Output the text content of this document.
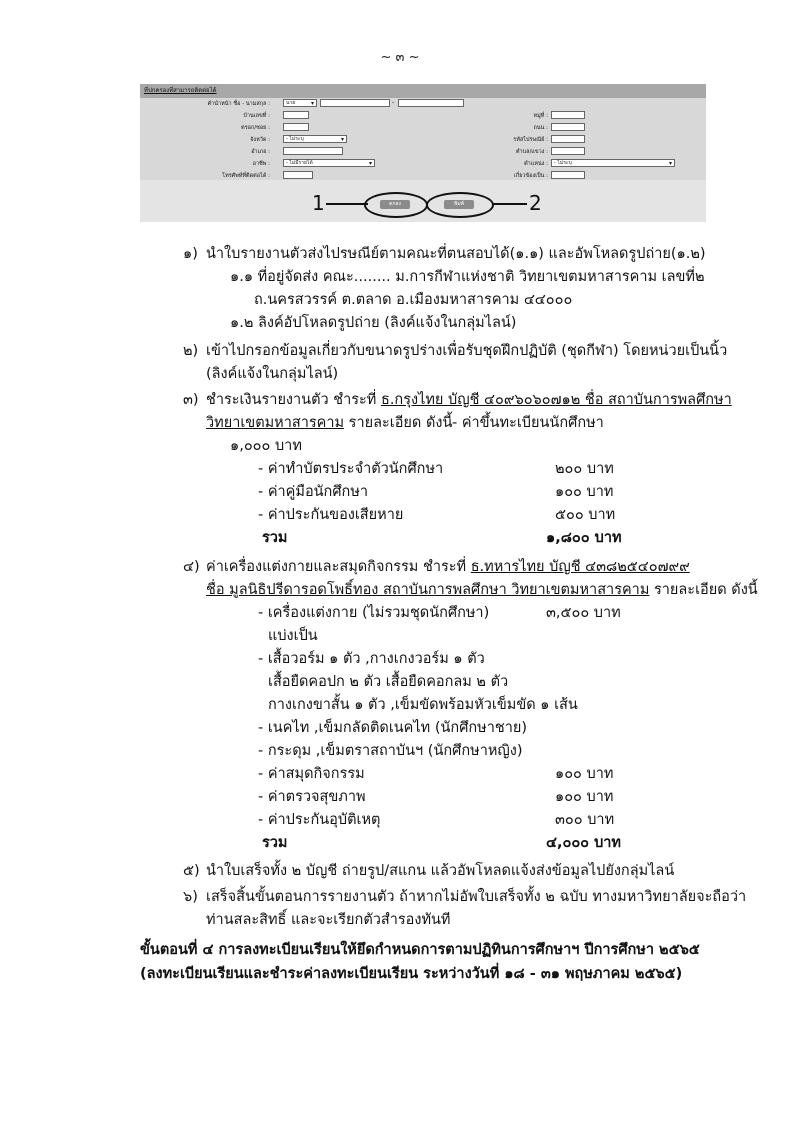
~ ๓ ~
ที่ปกครองที่สามารถติดต่อได้
คำนำหน้า ชื่อ - นามสกุล :	นาย ▾	-
บ้านเลขที่ :	หมู่ที่ :
ตรอก/ซอย :	ถนน :
จังหวัด :	- ไม่ระบุ ▾	รหัสไปรษณีย์ :
อำเภอ :	ตำบล/แขวง :
อาชีพ :	- ไม่มีรายได้ ▾	ตำแหน่ง :	- ไม่ระบุ ▾
โทรศัพท์ที่ติดต่อได้ :	เกี่ยวข้องเป็น :
1	ตกลง	พิมพ์	2
๑) นำใบรายงานตัวส่งไปรษณีย์ตามคณะที่ตนสอบได้(๑.๑) และอัพโหลดรูปถ่าย(๑.๒)
๑.๑ ที่อยู่จัดส่ง คณะ........ ม.การกีฬาแห่งชาติ วิทยาเขตมหาสารคาม เลขที่๒
ถ.นครสวรรค์ ต.ตลาด อ.เมืองมหาสารคาม ๔๔๐๐๐
๑.๒ ลิงค์อัปโหลดรูปถ่าย (ลิงค์แจ้งในกลุ่มไลน์)
๒) เข้าไปกรอกข้อมูลเกี่ยวกับขนาดรูปร่างเพื่อรับชุดฝึกปฏิบัติ (ชุดกีฬา) โดยหน่วยเป็นนิ้ว
(ลิงค์แจ้งในกลุ่มไลน์)
๓) ชำระเงินรายงานตัว ชำระที่ ธ.กรุงไทย บัญชี ๔๐๙๖๐๖๐๗๑๒ ชื่อ สถาบันการพลศึกษา
วิทยาเขตมหาสารคาม รายละเอียด ดังนี้ - ค่าขึ้นทะเบียนนักศึกษา
๑,๐๐๐ บาท
- ค่าทำบัตรประจำตัวนักศึกษา	๒๐๐ บาท
- ค่าคู่มือนักศึกษา	๑๐๐ บาท
- ค่าประกันของเสียหาย	๕๐๐ บาท
รวม	๑,๘๐๐ บาท
๔) ค่าเครื่องแต่งกายและสมุดกิจกรรม ชำระที่ ธ.ทหารไทย บัญชี ๔๓๘๒๕๔๐๗๙๙
ชื่อ มูลนิธิปรีดารอดโพธิ์ทอง สถาบันการพลศึกษา วิทยาเขตมหาสารคาม รายละเอียด ดังนี้
- เครื่องแต่งกาย (ไม่รวมชุดนักศึกษา)	๓,๕๐๐ บาท
แบ่งเป็น
- เสื้อวอร์ม ๑ ตัว ,กางเกงวอร์ม ๑ ตัว
เสื้อยืดคอปก ๒ ตัว เสื้อยืดคอกลม ๒ ตัว
กางเกงขาสั้น ๑ ตัว ,เข็มขัดพร้อมหัวเข็มขัด ๑ เส้น
- เนคไท ,เข็มกลัดติดเนคไท (นักศึกษาชาย)
- กระดุม ,เข็มตราสถาบันฯ (นักศึกษาหญิง)
- ค่าสมุดกิจกรรม	๑๐๐ บาท
- ค่าตรวจสุขภาพ	๑๐๐ บาท
- ค่าประกันอุบัติเหตุ	๓๐๐ บาท
รวม	๔,๐๐๐ บาท
๕) นำใบเสร็จทั้ง ๒ บัญชี ถ่ายรูป/สแกน แล้วอัพโหลดแจ้งส่งข้อมูลไปยังกลุ่มไลน์
๖) เสร็จสิ้นขั้นตอนการรายงานตัว ถ้าหากไม่อัพใบเสร็จทั้ง ๒ ฉบับ ทางมหาวิทยาลัยจะถือว่า
ท่านสละสิทธิ์ และจะเรียกตัวสำรองทันที
ขั้นตอนที่ ๔ การลงทะเบียนเรียนให้ยึดกำหนดการตามปฏิทินการศึกษาฯ ปีการศึกษา ๒๕๖๕
(ลงทะเบียนเรียนและชำระค่าลงทะเบียนเรียน ระหว่างวันที่ ๑๘ - ๓๑ พฤษภาคม ๒๕๖๕)
